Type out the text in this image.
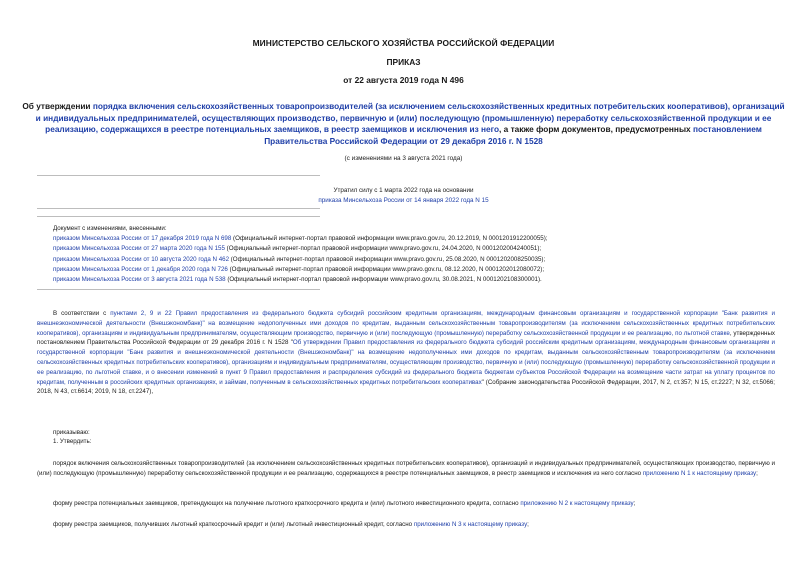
МИНИСТЕРСТВО СЕЛЬСКОГО ХОЗЯЙСТВА РОССИЙСКОЙ ФЕДЕРАЦИИ
ПРИКАЗ
от 22 августа 2019 года N 496
Об утверждении порядка включения сельскохозяйственных товаропроизводителей (за исключением сельскохозяйственных кредитных потребительских кооперативов), организаций и индивидуальных предпринимателей, осуществляющих производство, первичную и (или) последующую (промышленную) переработку сельскохозяйственной продукции и ее реализацию, содержащихся в реестре потенциальных заемщиков, в реестр заемщиков и исключения из него, а также форм документов, предусмотренных постановлением Правительства Российской Федерации от 29 декабря 2016 г. N 1528
(с изменениями на 3 августа 2021 года)
Утратил силу с 1 марта 2022 года на основании
приказа Минсельхоза России от 14 января 2022 года N 15
Документ с изменениями, внесенными:
приказом Минсельхоза России от 17 декабря 2019 года N 698 (Официальный интернет-портал правовой информации www.pravo.gov.ru, 20.12.2019, N 0001201912200055);
приказом Минсельхоза России от 27 марта 2020 года N 155 (Официальный интернет-портал правовой информации www.pravo.gov.ru, 24.04.2020, N 0001202004240051);
приказом Минсельхоза России от 10 августа 2020 года N 462 (Официальный интернет-портал правовой информации www.pravo.gov.ru, 25.08.2020, N 0001202008250035);
приказом Минсельхоза России от 1 декабря 2020 года N 726 (Официальный интернет-портал правовой информации www.pravo.gov.ru, 08.12.2020, N 0001202012080072);
приказом Минсельхоза России от 3 августа 2021 года N 538 (Официальный интернет-портал правовой информации www.pravo.gov.ru, 30.08.2021, N 0001202108300001).

В соответствии с пунктами 2, 9 и 22 Правил предоставления из федерального бюджета субсидий российским кредитным организациям, международным финансовым организациям и государственной корпорации "Банк развития и внешнеэкономической деятельности (Внешэкономбанк)" на возмещение недополученных ими доходов по кредитам, выданным сельскохозяйственным товаропроизводителям (за исключением сельскохозяйственных кредитных потребительских кооперативов), организациям и индивидуальным предпринимателям, осуществляющим производство, первичную и (или) последующую (промышленную) переработку сельскохозяйственной продукции и ее реализацию, по льготной ставке, утвержденных постановлением Правительства Российской Федерации от 29 декабря 2016 г. N 1528 "Об утверждении Правил предоставления из федерального бюджета субсидий российским кредитным организациям, международным финансовым организациям и государственной корпорации "Банк развития и внешнеэкономической деятельности (Внешэкономбанк)" на возмещение недополученных ими доходов по кредитам, выданным сельскохозяйственным товаропроизводителям (за исключением сельскохозяйственных кредитных потребительских кооперативов), организациям и индивидуальным предпринимателям, осуществляющим производство, первичную и (или) последующую (промышленную) переработку сельскохозяйственной продукции и ее реализацию, по льготной ставке, и о внесении изменений в пункт 9 Правил предоставления и распределения субсидий из федерального бюджета бюджетам субъектов Российской Федерации на возмещение части затрат на уплату процентов по кредитам, полученным в российских кредитных организациях, и займам, полученным в сельскохозяйственных кредитных потребительских кооперативах" (Собрание законодательства Российской Федерации, 2017, N 2, ст.357; N 15, ст.2227; N 32, ст.5066; 2018, N 43, ст.6614; 2019, N 18, ст.2247),

приказываю:

1. Утвердить:

порядок включения сельскохозяйственных товаропроизводителей (за исключением сельскохозяйственных кредитных потребительских кооперативов), организаций и индивидуальных предпринимателей, осуществляющих производство, первичную и (или) последующую (промышленную) переработку сельскохозяйственной продукции и ее реализацию, содержащихся в реестре потенциальных заемщиков, в реестр заемщиков и исключения из него согласно приложению N 1 к настоящему приказу;

форму реестра потенциальных заемщиков, претендующих на получение льготного краткосрочного кредита и (или) льготного инвестиционного кредита, согласно приложению N 2 к настоящему приказу;

форму реестра заемщиков, получивших льготный краткосрочный кредит и (или) льготный инвестиционный кредит, согласно приложению N 3 к настоящему приказу;
